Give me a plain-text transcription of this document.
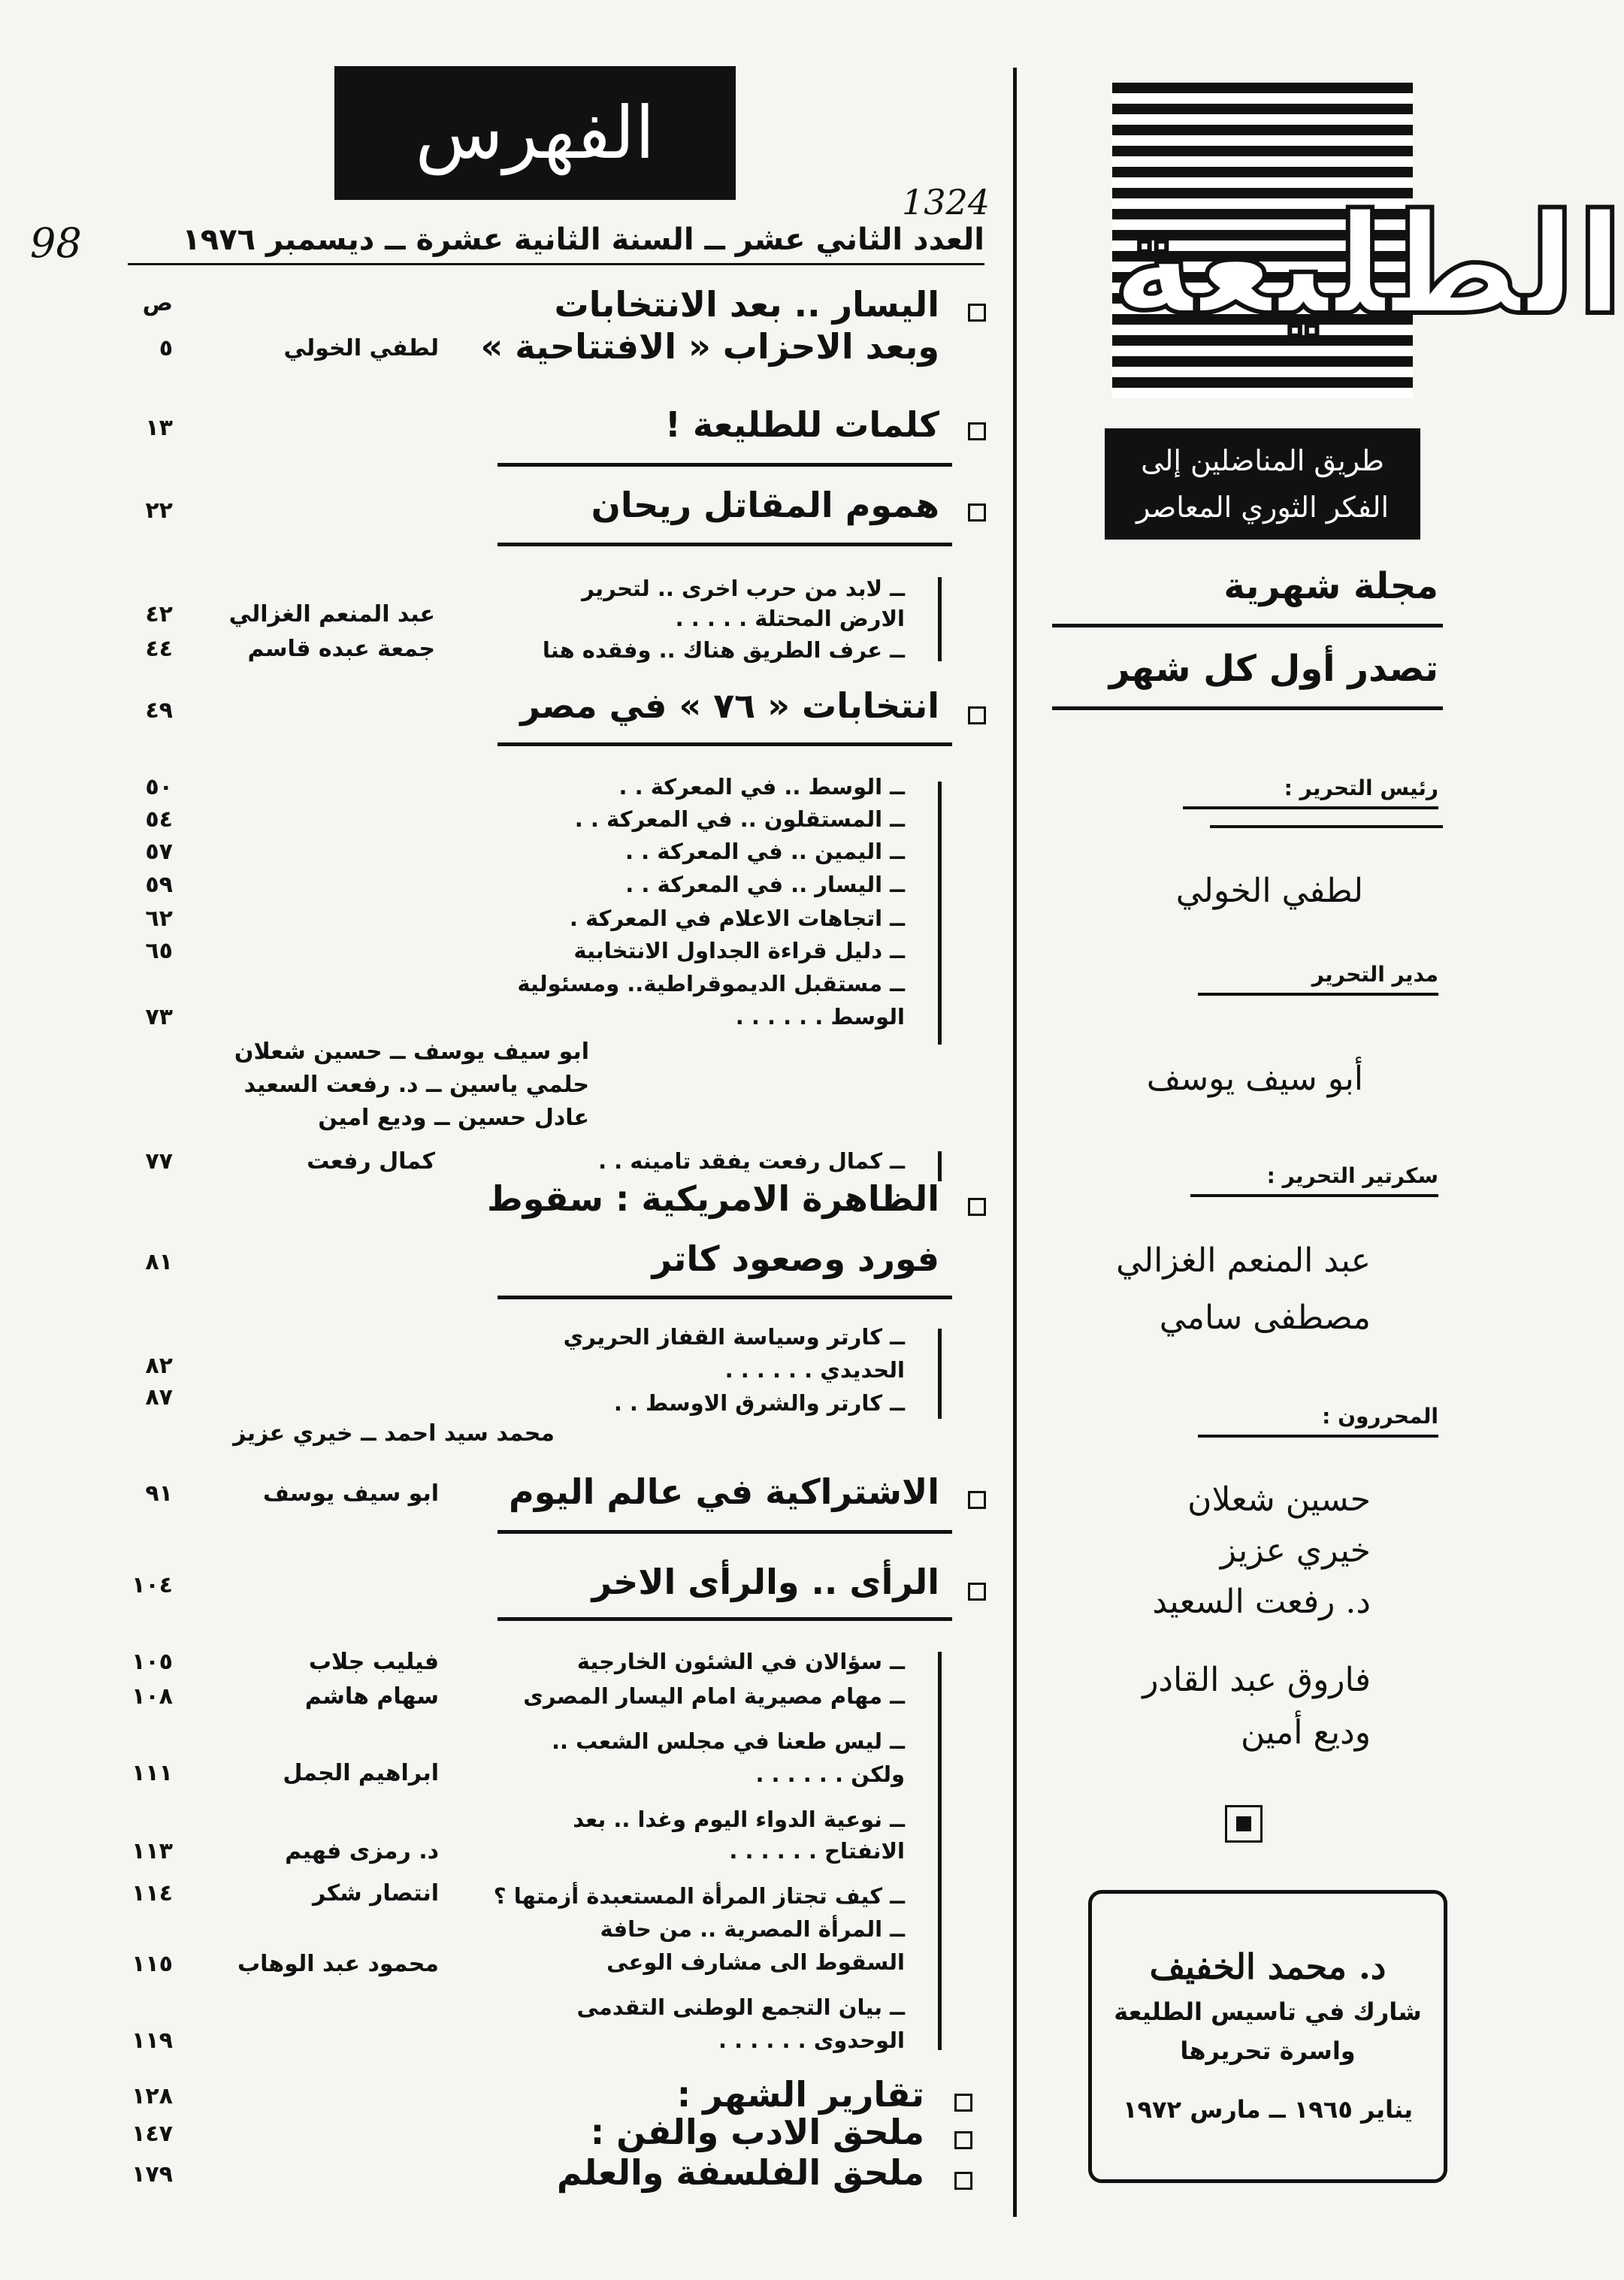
الطليعة
طريق المناضلين إلى
الفكر الثوري المعاصر
مجلة شهرية
تصدر أول كل شهر
رئيس التحرير :
لطفي الخولي
مدير التحرير
أبو سيف يوسف
سكرتير التحرير :
عبد المنعم الغزالي
مصطفى سامي
المحررون :
حسين شعلان
خيري عزيز
د. رفعت السعيد
فاروق عبد القادر
وديع أمين
د. محمد الخفيف
شارك في تاسيس الطليعة
واسرة تحريرها
يناير ١٩٦٥ ــ مارس ١٩٧٢
الفهرس
1324
98	العدد الثاني عشر ــ السنة الثانية عشرة ــ ديسمبر ١٩٧٦
ص	اليسار .. بعد الانتخابات
وبعد الاحزاب « الافتتاحية »
لطفي الخولي
٥
كلمات للطليعة !
١٣
هموم المقاتل ريحان
٢٢
ــ لابد من حرب اخرى .. لتحرير
الارض المحتلة . . . . .
عبد المنعم الغزالي
٤٢
ــ عرف الطريق هناك .. وفقده هنا
جمعة عبده قاسم
٤٤
انتخابات « ٧٦ » في مصر
٤٩
ــ الوسط .. في المعركة . .
٥٠
ــ المستقلون .. في المعركة . .
٥٤
ــ اليمين .. في المعركة . .
٥٧
ــ اليسار .. في المعركة . .
٥٩
ــ اتجاهات الاعلام في المعركة .
٦٢
ــ دليل قراءة الجداول الانتخابية
٦٥
ــ مستقبل الديموقراطية.. ومسئولية
الوسط . . . . . .
٧٣
ابو سيف يوسف ــ حسين شعلان
حلمي ياسين ــ د. رفعت السعيد
عادل حسين ــ وديع امين
ــ كمال رفعت يفقد تامينه . .
كمال رفعت
٧٧
الظاهرة الامريكية : سقوط
فورد وصعود كاتر
٨١
ــ كارتر وسياسة القفاز الحريري
الحديدي . . . . . .
٨٢
ــ كارتر والشرق الاوسط . .
٨٧
محمد سيد احمد ــ خيري عزيز
الاشتراكية في عالم اليوم
ابو سيف يوسف
٩١
الرأى .. والرأى الاخر
١٠٤
ــ سؤالان في الشئون الخارجية
فيليب جلاب
١٠٥
ــ مهام مصيرية امام اليسار المصرى
سهام هاشم
١٠٨
ــ ليس طعنا في مجلس الشعب ..
ولكن . . . . . .
ابراهيم الجمل
١١١
ــ نوعية الدواء اليوم وغدا .. بعد
الانفتاح . . . . . .
د. رمزى فهيم
١١٣
ــ كيف تجتاز المرأة المستعبدة أزمتها ؟
انتصار شكر
١١٤
ــ المرأة المصرية .. من حافة
السقوط الى مشارف الوعى
محمود عبد الوهاب
١١٥
ــ بيان التجمع الوطنى التقدمى
الوحدوى . . . . . .
١١٩
تقارير الشهر :
١٢٨
ملحق الادب والفن :
١٤٧
ملحق الفلسفة والعلم
١٧٩
